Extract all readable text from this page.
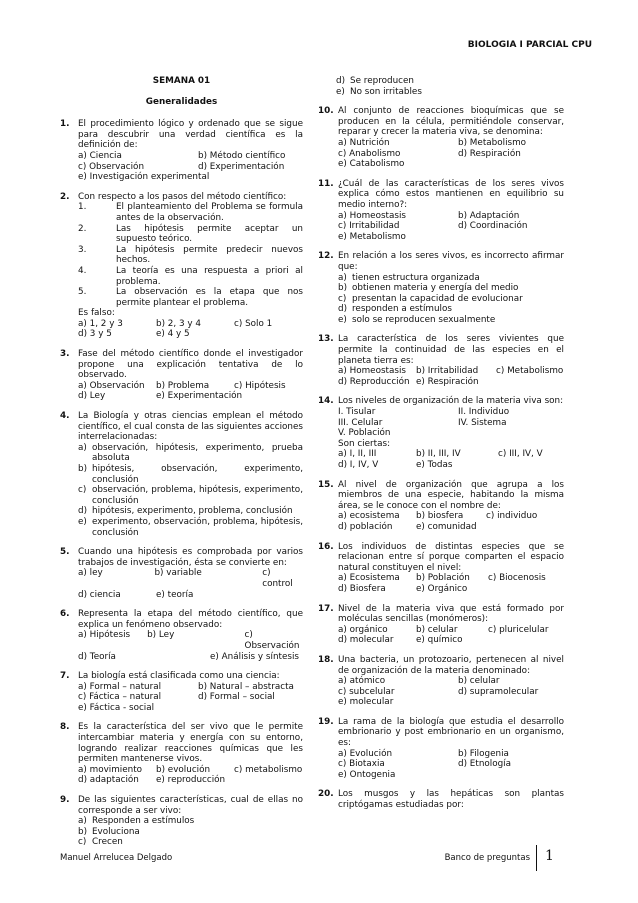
BIOLOGIA I PARCIAL CPU

SEMANA 01

Generalidades

1. El procedimiento lógico y ordenado que se sigue para descubrir una verdad científica es la definición de:
a) Ciencia	b) Método científico
c) Observación	d) Experimentación
e) Investigación experimental
2. Con respecto a los pasos del método científico:
1.	El planteamiento del Problema se formula antes de la observación.
2.	Las hipótesis permite aceptar un supuesto teórico.
3.	La hipótesis permite predecir nuevos hechos.
4.	La teoría es una respuesta a priori al problema.
5.	La observación es la etapa que nos permite plantear el problema.
Es falso:
a) 1, 2 y 3	b) 2, 3 y 4	c) Solo 1
d) 3 y 5	e) 4 y 5
3. Fase del método científico donde el investigador propone una explicación tentativa de lo observado.
a) Observación	b) Problema	c) Hipótesis
d) Ley	e) Experimentación
4. La Biología y otras ciencias emplean el método científico, el cual consta de las siguientes acciones interrelacionadas:
a) observación, hipótesis, experimento, prueba absoluta
b) hipótesis, observación, experimento, conclusión
c) observación, problema, hipótesis, experimento, conclusión
d) hipótesis, experimento, problema, conclusión
e) experimento, observación, problema, hipótesis, conclusión
5. Cuando una hipótesis es comprobada por varios trabajos de investigación, ésta se convierte en:
a) ley	b) variable	c) control
d) ciencia	e) teoría
6. Representa la etapa del método científico, que explica un fenómeno observado:
a) Hipótesis	b) Ley	c) Observación
d) Teoría	e) Análisis y síntesis
7. La biología está clasificada como una ciencia:
a) Formal – natural	b) Natural – abstracta
c) Fáctica – natural	d) Formal – social
e) Fáctica - social
8. Es la característica del ser vivo que le permite intercambiar materia y energía con su entorno, logrando realizar reacciones químicas que les permiten mantenerse vivos.
a) movimiento	b) evolución	c) metabolismo
d) adaptación	e) reproducción
9. De las siguientes características, cual de ellas no corresponde a ser vivo:
a) Responden a estímulos
b) Evoluciona
c) Crecen
d) Se reproducen
e) No son irritables
10. Al conjunto de reacciones bioquímicas que se producen en la célula, permitiéndole conservar, reparar y crecer la materia viva, se denomina:
a) Nutrición	b) Metabolismo
c) Anabolismo	d) Respiración
e) Catabolismo
11. ¿Cuál de las características de los seres vivos explica cómo estos mantienen en equilibrio su medio interno?:
a) Homeostasis	b) Adaptación
c) Irritabilidad	d) Coordinación
e) Metabolismo
12. En relación a los seres vivos, es incorrecto afirmar que:
a) tienen estructura organizada
b) obtienen materia y energía del medio
c) presentan la capacidad de evolucionar
d) responden a estímulos
e) solo se reproducen sexualmente
13. La característica de los seres vivientes que permite la continuidad de las especies en el planeta tierra es:
a) Homeostasis	b) Irritabilidad	c) Metabolismo
d) Reproducción e) Respiración
14. Los niveles de organización de la materia viva son:
I. Tisular	II. Individuo
III. Celular	IV. Sistema
V. Población
Son ciertas:
a) I, II, III	b) II, III, IV	c) III, IV, V
d) I, IV, V	e) Todas
15. Al nivel de organización que agrupa a los miembros de una especie, habitando la misma área, se le conoce con el nombre de:
a) ecosistema	b) biosfera	c) individuo
d) población	e) comunidad
16. Los individuos de distintas especies que se relacionan entre sí porque comparten el espacio natural constituyen el nivel:
a) Ecosistema	b) Población	c) Biocenosis
d) Biosfera	e) Orgánico
17. Nivel de la materia viva que está formado por moléculas sencillas (monómeros):
a) orgánico	b) celular	c) pluricelular
d) molecular	e) químico
18. Una bacteria, un protozoario, pertenecen al nivel de organización de la materia denominado:
a) atómico	b) celular
c) subcelular	d) supramolecular
e) molecular
19. La rama de la biología que estudia el desarrollo embrionario y post embrionario en un organismo, es:
a) Evolución	b) Filogenia
c) Biotaxia	d) Etnología
e) Ontogenia
20. Los musgos y las hepáticas son plantas criptógamas estudiadas por:
Manuel Arrelucea Delgado	Banco de preguntas 1
